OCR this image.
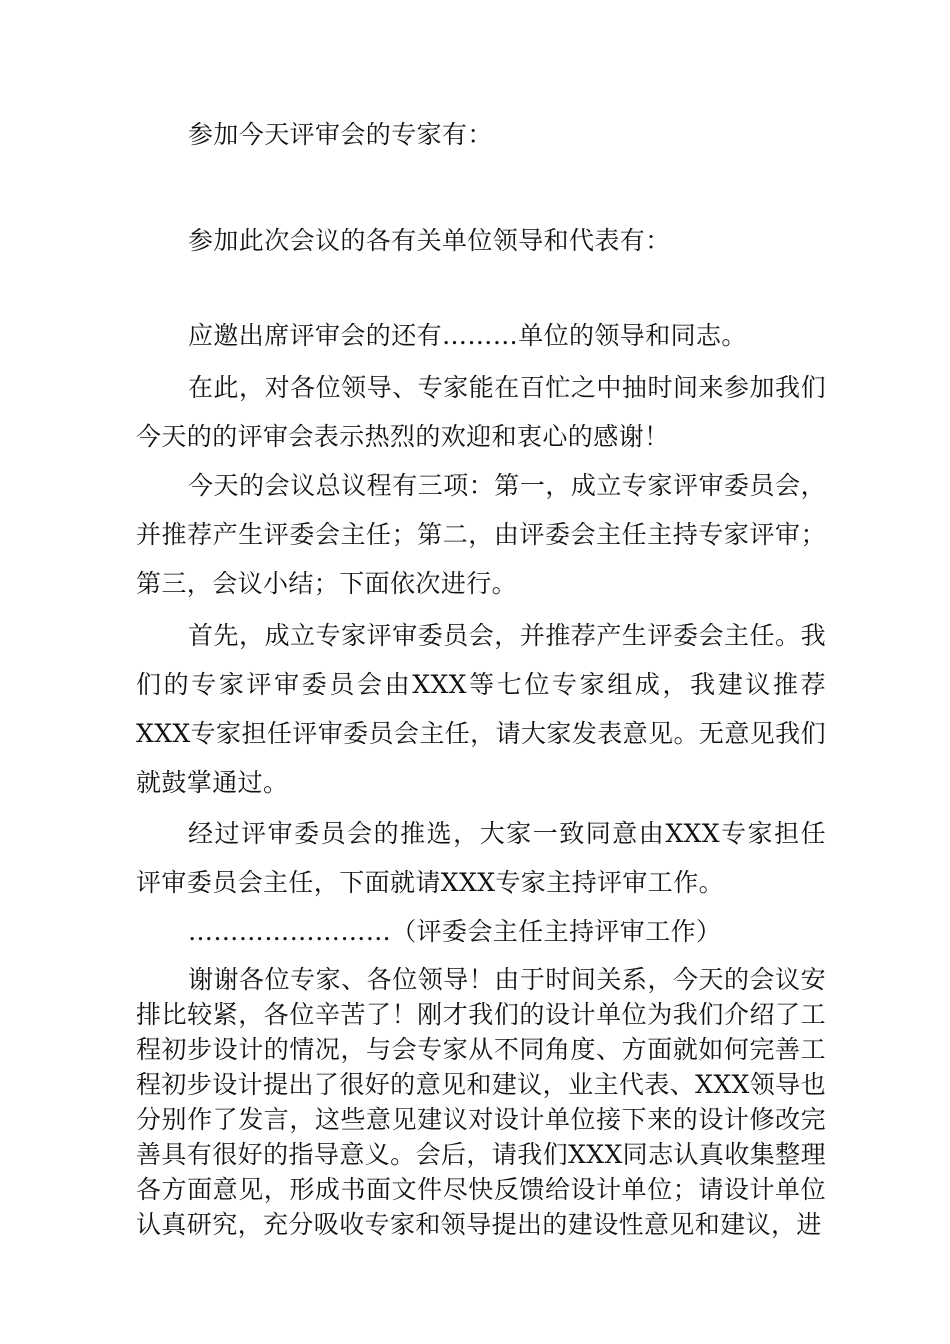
参加今天评审会的专家有：

参加此次会议的各有关单位领导和代表有：

应邀出席评审会的还有………单位的领导和同志。

在此，对各位领导、专家能在百忙之中抽时间来参加我们今天的的评审会表示热烈的欢迎和衷心的感谢！

今天的会议总议程有三项：第一，成立专家评审委员会，并推荐产生评委会主任；第二，由评委会主任主持专家评审；第三，会议小结；下面依次进行。

首先，成立专家评审委员会，并推荐产生评委会主任。我们的专家评审委员会由XXX等七位专家组成，我建议推荐XXX专家担任评审委员会主任，请大家发表意见。无意见我们就鼓掌通过。

经过评审委员会的推选，大家一致同意由XXX专家担任评审委员会主任，下面就请XXX专家主持评审工作。

……………………（评委会主任主持评审工作）

谢谢各位专家、各位领导！由于时间关系，今天的会议安排比较紧，各位辛苦了！刚才我们的设计单位为我们介绍了工程初步设计的情况，与会专家从不同角度、方面就如何完善工程初步设计提出了很好的意见和建议，业主代表、XXX领导也分别作了发言，这些意见建议对设计单位接下来的设计修改完善具有很好的指导意义。会后，请我们XXX同志认真收集整理各方面意见，形成书面文件尽快反馈给设计单位；请设计单位认真研究，充分吸收专家和领导提出的建设性意见和建议，进
